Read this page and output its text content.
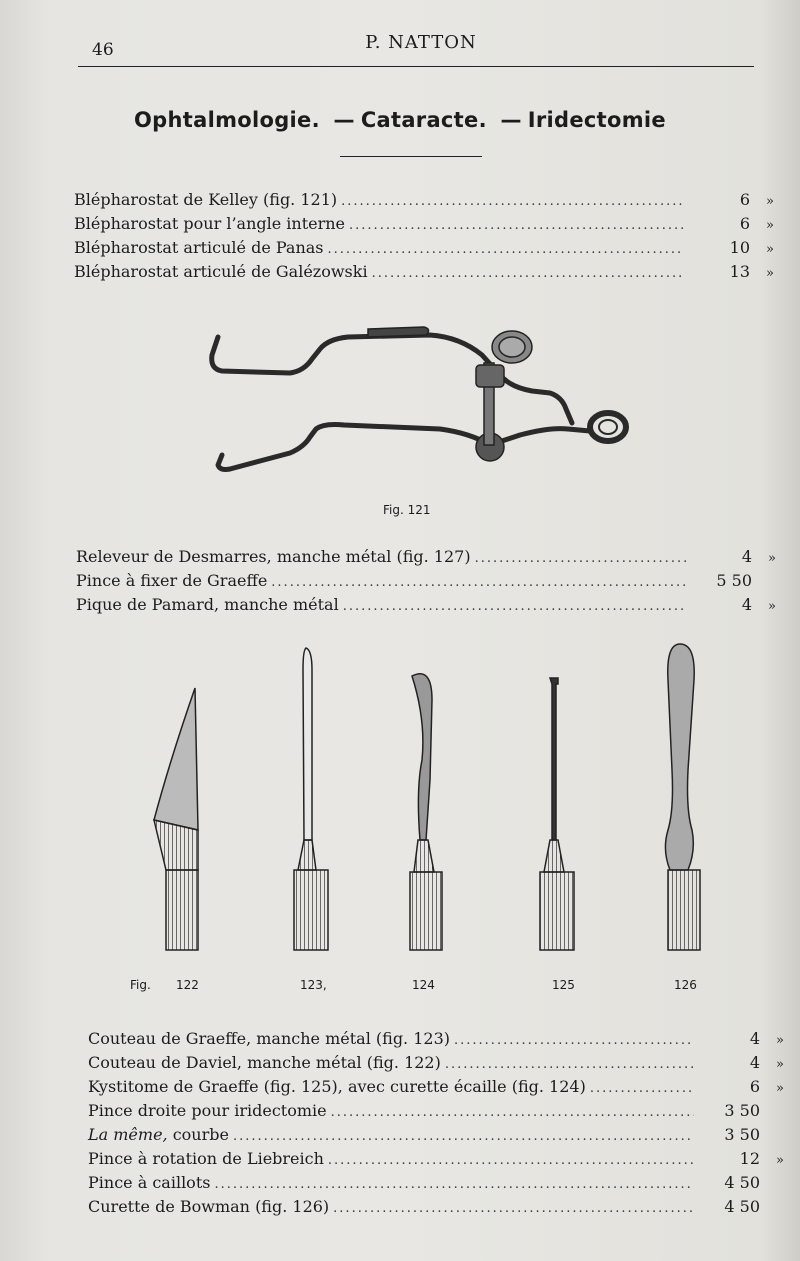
46	P. NATTON
Ophtalmologie. — Cataracte. — Iridectomie
Blépharostat de Kelley (fig. 121) .....	6	»
Blépharostat pour l’angle interne .....	6	»
Blépharostat articulé de Panas .....	10	»
Blépharostat articulé de Galézowski .....	13	»
Fig. 121
Releveur de Desmarres, manche métal (fig. 127) .....	4	»
Pince à fixer de Graeffe .....	5 50
Pique de Pamard, manche métal .....	4	»
Fig. 122	123,	124	125	126
Couteau de Graeffe, manche métal (fig. 123) .....	4	»
Couteau de Daviel, manche métal (fig. 122) .....	4	»
Kystitome de Graeffe (fig. 125), avec curette écaille (fig. 124) .....	6	»
Pince droite pour iridectomie .....	3 50
La même, courbe .....	3 50
Pince à rotation de Liebreich .....	12	»
Pince à caillots .....	4 50
Curette de Bowman (fig. 126) .....	4 50
